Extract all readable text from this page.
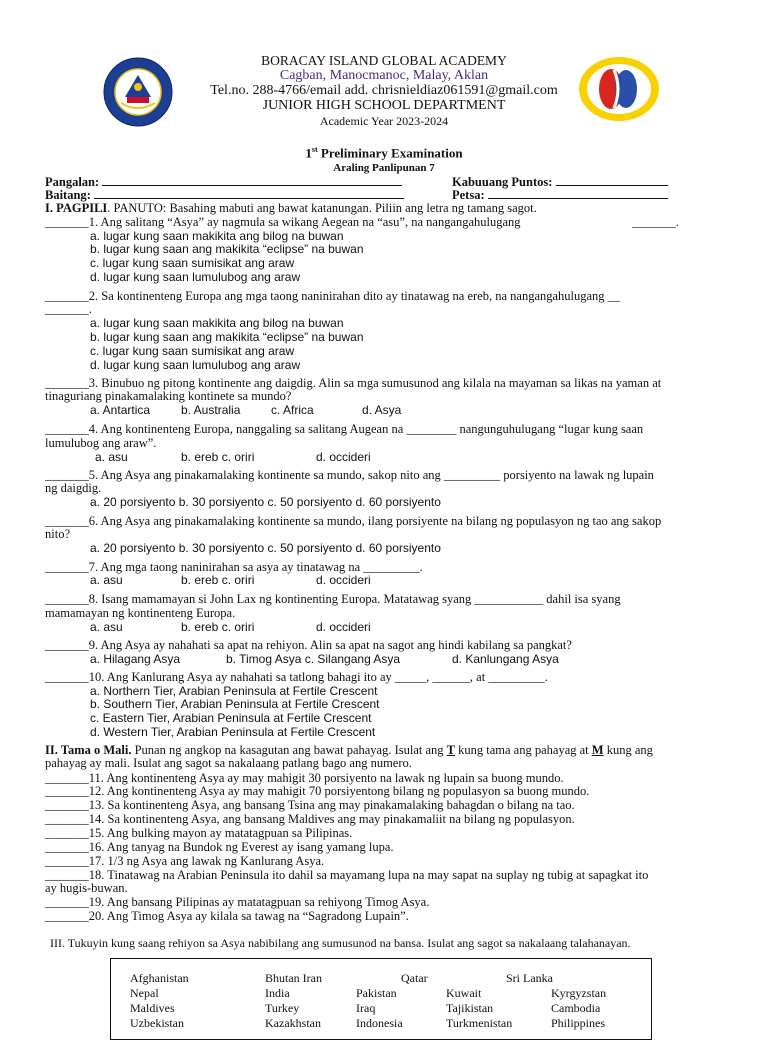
BORACAY ISLAND GLOBAL ACADEMY
Cagban, Manocmanoc, Malay, Aklan
Tel.no. 288-4766/email add. chrisnieldiaz061591@gmail.com
JUNIOR HIGH SCHOOL DEPARTMENT
Academic Year 2023-2024
1st Preliminary Examination
Araling Panlipunan 7
Pangalan:	Kabuuang Puntos:
Baitang:	Petsa:
I. PAGPILI. PANUTO: Basahing mabuti ang bawat katanungan. Piliin ang letra ng tamang sagot.
_______1. Ang salitang “Asya” ay nagmula sa wikang Aegean na “asu”, na nangangahulugang	_______.
a. lugar kung saan makikita ang bilog na buwan
b. lugar kung saan ang makikita “eclipse” na buwan
c. lugar kung saan sumisikat ang araw
d. lugar kung saan lumulubog ang araw
_______2. Sa kontinenteng Europa ang mga taong naninirahan dito ay tinatawag na ereb, na nangangahulugang __
_______.
a. lugar kung saan makikita ang bilog na buwan
b. lugar kung saan ang makikita “eclipse” na buwan
c. lugar kung saan sumisikat ang araw
d. lugar kung saan lumulubog ang araw
_______3. Binubuo ng pitong kontinente ang daigdig. Alin sa mga sumusunod ang kilala na mayaman sa likas na yaman at
tinaguriang pinakamalaking kontinete sa mundo?
a. Antartica	b. Australia	c. Africa	d. Asya
_______4. Ang kontinenteng Europa, nanggaling sa salitang Augean na ________ nangunguhulugang “lugar kung saan
lumulubog ang araw”.
a. asu	b. ereb c. oriri	d. occideri
_______5. Ang Asya ang pinakamalaking kontinente sa mundo, sakop nito ang _________ porsiyento na lawak ng lupain
ng daigdig.
a. 20 porsiyento b. 30 porsiyento c. 50 porsiyento d. 60 porsiyento
_______6. Ang Asya ang pinakamalaking kontinente sa mundo, ilang porsiyente na bilang ng populasyon ng tao ang sakop
nito?
a. 20 porsiyento b. 30 porsiyento c. 50 porsiyento d. 60 porsiyento
_______7. Ang mga taong naninirahan sa asya ay tinatawag na _________.
a. asu	b. ereb c. oriri	d. occideri
_______8. Isang mamamayan si John Lax ng kontinenting Europa. Matatawag syang ___________ dahil isa syang
mamamayan ng kontinenteng Europa.
a. asu	b. ereb c. oriri	d. occideri
_______9. Ang Asya ay nahahati sa apat na rehiyon. Alin sa apat na sagot ang hindi kabilang sa pangkat?
a. Hilagang Asya	b. Timog Asya c. Silangang Asya	d. Kanlungang Asya
_______10. Ang Kanlurang Asya ay nahahati sa tatlong bahagi ito ay _____, ______, at _________.
a. Northern Tier, Arabian Peninsula at Fertile Crescent
b. Southern Tier, Arabian Peninsula at Fertile Crescent
c. Eastern Tier, Arabian Peninsula at Fertile Crescent
d. Western Tier, Arabian Peninsula at Fertile Crescent
II. Tama o Mali. Punan ng angkop na kasagutan ang bawat pahayag. Isulat ang T kung tama ang pahayag at M kung ang
pahayag ay mali. Isulat ang sagot sa nakalaang patlang bago ang numero.
_______11. Ang kontinenteng Asya ay may mahigit 30 porsiyento na lawak ng lupain sa buong mundo.
_______12. Ang kontinenteng Asya ay may mahigit 70 porsiyentong bilang ng populasyon sa buong mundo.
_______13. Sa kontinenteng Asya, ang bansang Tsina ang may pinakamalaking bahagdan o bilang na tao.
_______14. Sa kontinenteng Asya, ang bansang Maldives ang may pinakamaliit na bilang ng populasyon.
_______15. Ang bulking mayon ay matatagpuan sa Pilipinas.
_______16. Ang tanyag na Bundok ng Everest ay isang yamang lupa.
_______17. 1/3 ng Asya ang lawak ng Kanlurang Asya.
_______18. Tinatawag na Arabian Peninsula ito dahil sa mayamang lupa na may sapat na suplay ng tubig at sapagkat ito
ay hugis-buwan.
_______19. Ang bansang Pilipinas ay matatagpuan sa rehiyong Timog Asya.
_______20. Ang Timog Asya ay kilala sa tawag na “Sagradong Lupain”.
III. Tukuyin kung saang rehiyon sa Asya nabibilang ang sumusunod na bansa. Isulat ang sagot sa nakalaang talahanayan.
Afghanistan	Bhutan Iran	Qatar	Sri Lanka
Nepal	India	Pakistan	Kuwait	Kyrgyzstan
Maldives	Turkey	Iraq	Tajikistan	Cambodia
Uzbekistan	Kazakhstan	Indonesia	Turkmenistan	Philippines
